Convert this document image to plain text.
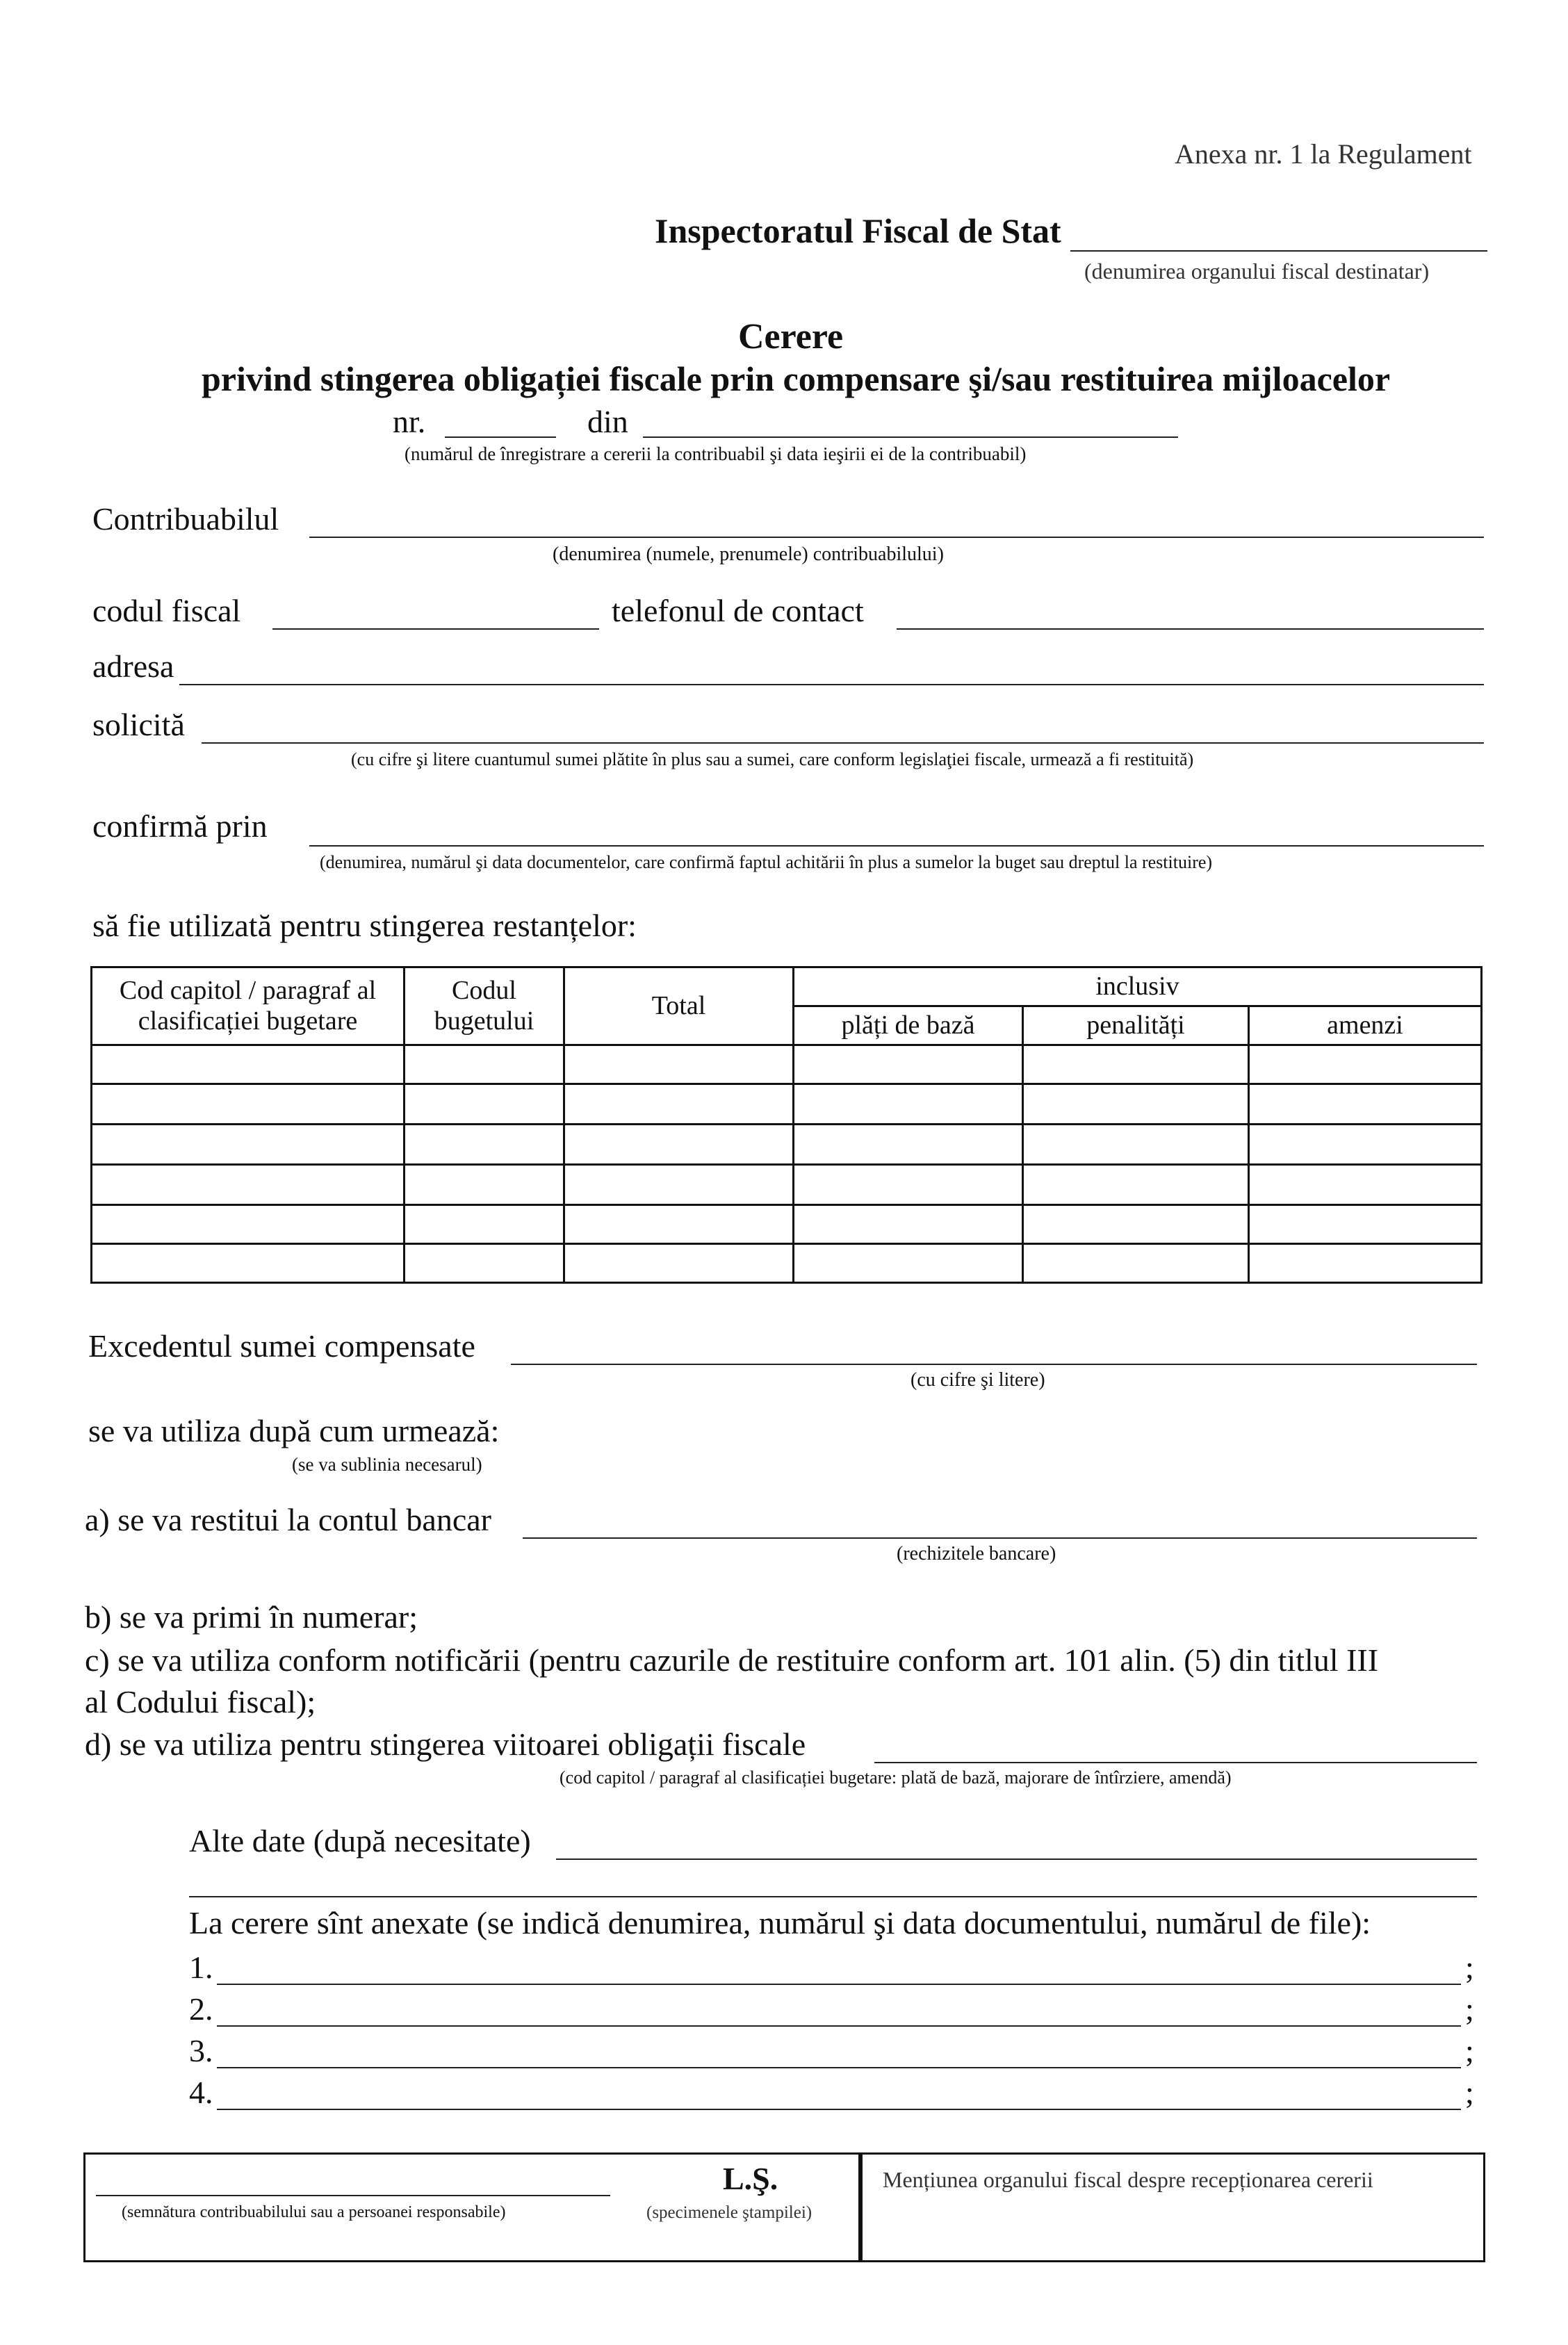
Anexa nr. 1 la Regulament
Inspectoratul Fiscal de Stat
(denumirea organului fiscal destinatar)
Cerere
privind stingerea obligației fiscale prin compensare şi/sau restituirea mijloacelor
nr.	din
(numărul de înregistrare a cererii la contribuabil şi data ieşirii ei de la contribuabil)
Contribuabilul
(denumirea (numele, prenumele) contribuabilului)
codul fiscal	telefonul de contact
adresa
solicită
(cu cifre şi litere cuantumul sumei plătite în plus sau a sumei, care conform legislaţiei fiscale, urmează a fi restituită)
confirmă prin
(denumirea, numărul şi data documentelor, care confirmă faptul achitării în plus a sumelor la buget sau dreptul la restituire)
să fie utilizată pentru stingerea restanțelor:
Cod capitol / paragraf al clasificației bugetare	Codul bugetului	Total	inclusiv		
			plăți de bază	penalități	amenzi

Excedentul sumei compensate
(cu cifre şi litere)
se va utiliza după cum urmează:
(se va sublinia necesarul)
a) se va restitui la contul bancar
(rechizitele bancare)
b) se va primi în numerar;
c) se va utiliza conform notificării (pentru cazurile de restituire conform art. 101 alin. (5) din titlul III
al Codului fiscal);
d) se va utiliza pentru stingerea viitoarei obligații fiscale
(cod capitol / paragraf al clasificației bugetare: plată de bază, majorare de întîrziere, amendă)
Alte date (după necesitate)
La cerere sînt anexate (se indică denumirea, numărul şi data documentului, numărul de file):
1.	;
2.	;
3.	;
4.	;
(semnătura contribuabilului sau a persoanei responsabile)
L.Ş.
(specimenele ştampilei)
Mențiunea organului fiscal despre recepționarea cererii
